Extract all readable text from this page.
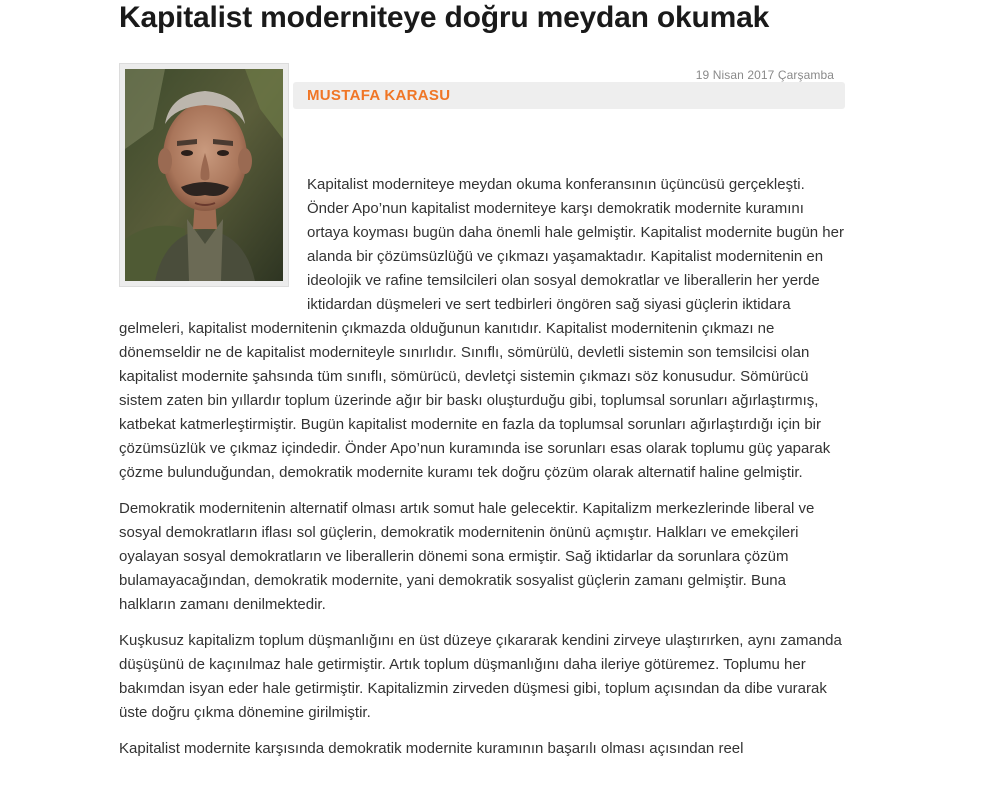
Kapitalist moderniteye doğru meydan okumak
19 Nisan 2017 Çarşamba
MUSTAFA KARASU

Kapitalist moderniteye meydan okuma konferansının üçüncüsü gerçekleşti. Önder Apo’nun kapitalist moderniteye karşı demokratik modernite kuramını ortaya koyması bugün daha önemli hale gelmiştir. Kapitalist modernite bugün her alanda bir çözümsüzlüğü ve çıkmazı yaşamaktadır. Kapitalist modernitenin en ideolojik ve rafine temsilcileri olan sosyal demokratlar ve liberallerin her yerde iktidardan düşmeleri ve sert tedbirleri öngören sağ siyasi güçlerin iktidara gelmeleri, kapitalist modernitenin çıkmazda olduğunun kanıtıdır. Kapitalist modernitenin çıkmazı ne dönemseldir ne de kapitalist moderniteyle sınırlıdır. Sınıflı, sömürülü, devletli sistemin son temsilcisi olan kapitalist modernite şahsında tüm sınıflı, sömürücü, devletçi sistemin çıkmazı söz konusudur. Sömürücü sistem zaten bin yıllardır toplum üzerinde ağır bir baskı oluşturduğu gibi, toplumsal sorunları ağırlaştırmış, katbekat katmerleştirmiştir. Bugün kapitalist modernite en fazla da toplumsal sorunları ağırlaştırdığı için bir çözümsüzlük ve çıkmaz içindedir. Önder Apo’nun kuramında ise sorunları esas olarak toplumu güç yaparak çözme bulunduğundan, demokratik modernite kuramı tek doğru çözüm olarak alternatif haline gelmiştir.

Demokratik modernitenin alternatif olması artık somut hale gelecektir. Kapitalizm merkezlerinde liberal ve sosyal demokratların iflası sol güçlerin, demokratik modernitenin önünü açmıştır. Halkları ve emekçileri oyalayan sosyal demokratların ve liberallerin dönemi sona ermiştir. Sağ iktidarlar da sorunlara çözüm bulamayacağından, demokratik modernite, yani demokratik sosyalist güçlerin zamanı gelmiştir. Buna halkların zamanı denilmektedir.

Kuşkusuz kapitalizm toplum düşmanlığını en üst düzeye çıkararak kendini zirveye ulaştırırken, aynı zamanda düşüşünü de kaçınılmaz hale getirmiştir. Artık toplum düşmanlığını daha ileriye götüremez. Toplumu her bakımdan isyan eder hale getirmiştir. Kapitalizmin zirveden düşmesi gibi, toplum açısından da dibe vurarak üste doğru çıkma dönemine girilmiştir.

Kapitalist modernite karşısında demokratik modernite kuramının başarılı olması açısından reel
